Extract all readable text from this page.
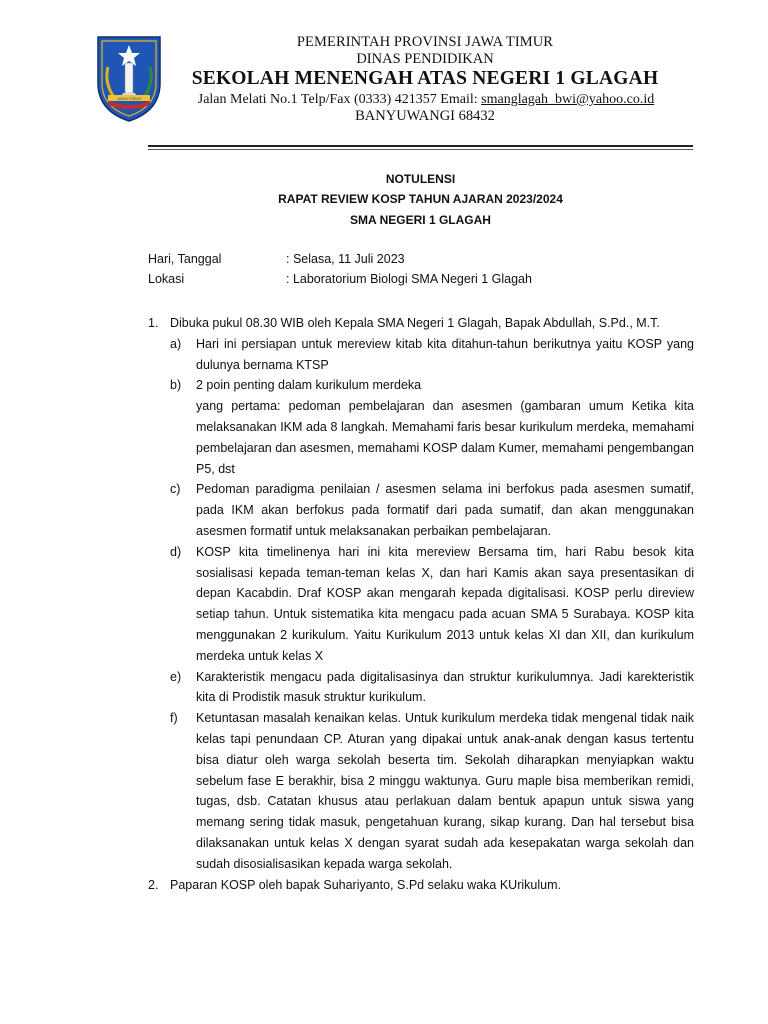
JAWA TIMUR
PEMERINTAH PROVINSI JAWA TIMUR
DINAS PENDIDIKAN
SEKOLAH MENENGAH ATAS NEGERI 1 GLAGAH
Jalan Melati No.1 Telp/Fax (0333) 421357 Email: smanglagah_bwi@yahoo.co.id
BANYUWANGI 68432
NOTULENSI
RAPAT REVIEW KOSP TAHUN AJARAN 2023/2024
SMA NEGERI 1 GLAGAH
Hari, Tanggal	: Selasa, 11 Juli 2023
Lokasi	: Laboratorium Biologi SMA Negeri 1 Glagah
1. Dibuka pukul 08.30 WIB oleh Kepala SMA Negeri 1 Glagah, Bapak Abdullah, S.Pd., M.T.
a) Hari ini persiapan untuk mereview kitab kita ditahun-tahun berikutnya yaitu KOSP yang dulunya bernama KTSP
b) 2 poin penting dalam kurikulum merdeka
yang pertama: pedoman pembelajaran dan asesmen (gambaran umum Ketika kita melaksanakan IKM ada 8 langkah. Memahami faris besar kurikulum merdeka, memahami pembelajaran dan asesmen, memahami KOSP dalam Kumer, memahami pengembangan P5, dst
c) Pedoman paradigma penilaian / asesmen selama ini berfokus pada asesmen sumatif, pada IKM akan berfokus pada formatif dari pada sumatif, dan akan menggunakan asesmen formatif untuk melaksanakan perbaikan pembelajaran.
d) KOSP kita timelinenya hari ini kita mereview Bersama tim, hari Rabu besok kita sosialisasi kepada teman-teman kelas X, dan hari Kamis akan saya presentasikan di depan Kacabdin. Draf KOSP akan mengarah kepada digitalisasi. KOSP perlu direview setiap tahun. Untuk sistematika kita mengacu pada acuan SMA 5 Surabaya. KOSP kita menggunakan 2 kurikulum. Yaitu Kurikulum 2013 untuk kelas XI dan XII, dan kurikulum merdeka untuk kelas X
e) Karakteristik mengacu pada digitalisasinya dan struktur kurikulumnya. Jadi karekteristik kita di Prodistik masuk struktur kurikulum.
f) Ketuntasan masalah kenaikan kelas. Untuk kurikulum merdeka tidak mengenal tidak naik kelas tapi penundaan CP. Aturan yang dipakai untuk anak-anak dengan kasus tertentu bisa diatur oleh warga sekolah beserta tim. Sekolah diharapkan menyiapkan waktu sebelum fase E berakhir, bisa 2 minggu waktunya. Guru maple bisa memberikan remidi, tugas, dsb. Catatan khusus atau perlakuan dalam bentuk apapun untuk siswa yang memang sering tidak masuk, pengetahuan kurang, sikap kurang. Dan hal tersebut bisa dilaksanakan untuk kelas X dengan syarat sudah ada kesepakatan warga sekolah dan sudah disosialisasikan kepada warga sekolah.
2. Paparan KOSP oleh bapak Suhariyanto, S.Pd selaku waka KUrikulum.
